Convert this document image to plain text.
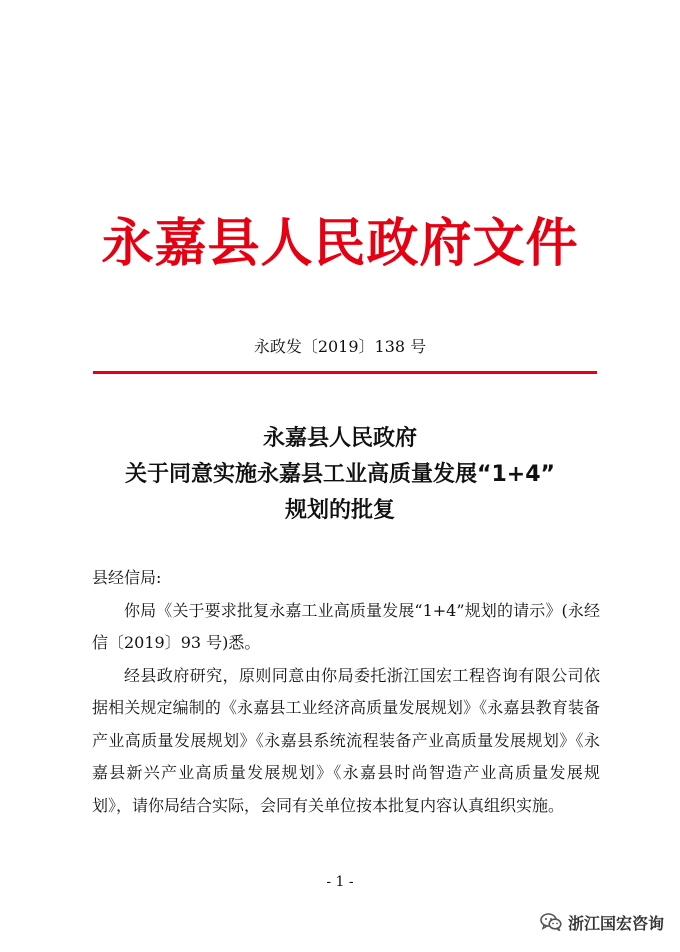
永嘉县人民政府文件
永政发〔2019〕138 号
永嘉县人民政府
关于同意实施永嘉县工业高质量发展“1+4”
规划的批复
县经信局:

你局《关于要求批复永嘉工业高质量发展“1+4”规划的请示》(永经信〔2019〕93 号)悉。

经县政府研究，原则同意由你局委托浙江国宏工程咨询有限公司依据相关规定编制的《永嘉县工业经济高质量发展规划》《永嘉县教育装备产业高质量发展规划》《永嘉县系统流程装备产业高质量发展规划》《永嘉县新兴产业高质量发展规划》《永嘉县时尚智造产业高质量发展规划》，请你局结合实际，会同有关单位按本批复内容认真组织实施。

- 1 -
浙江国宏咨询
